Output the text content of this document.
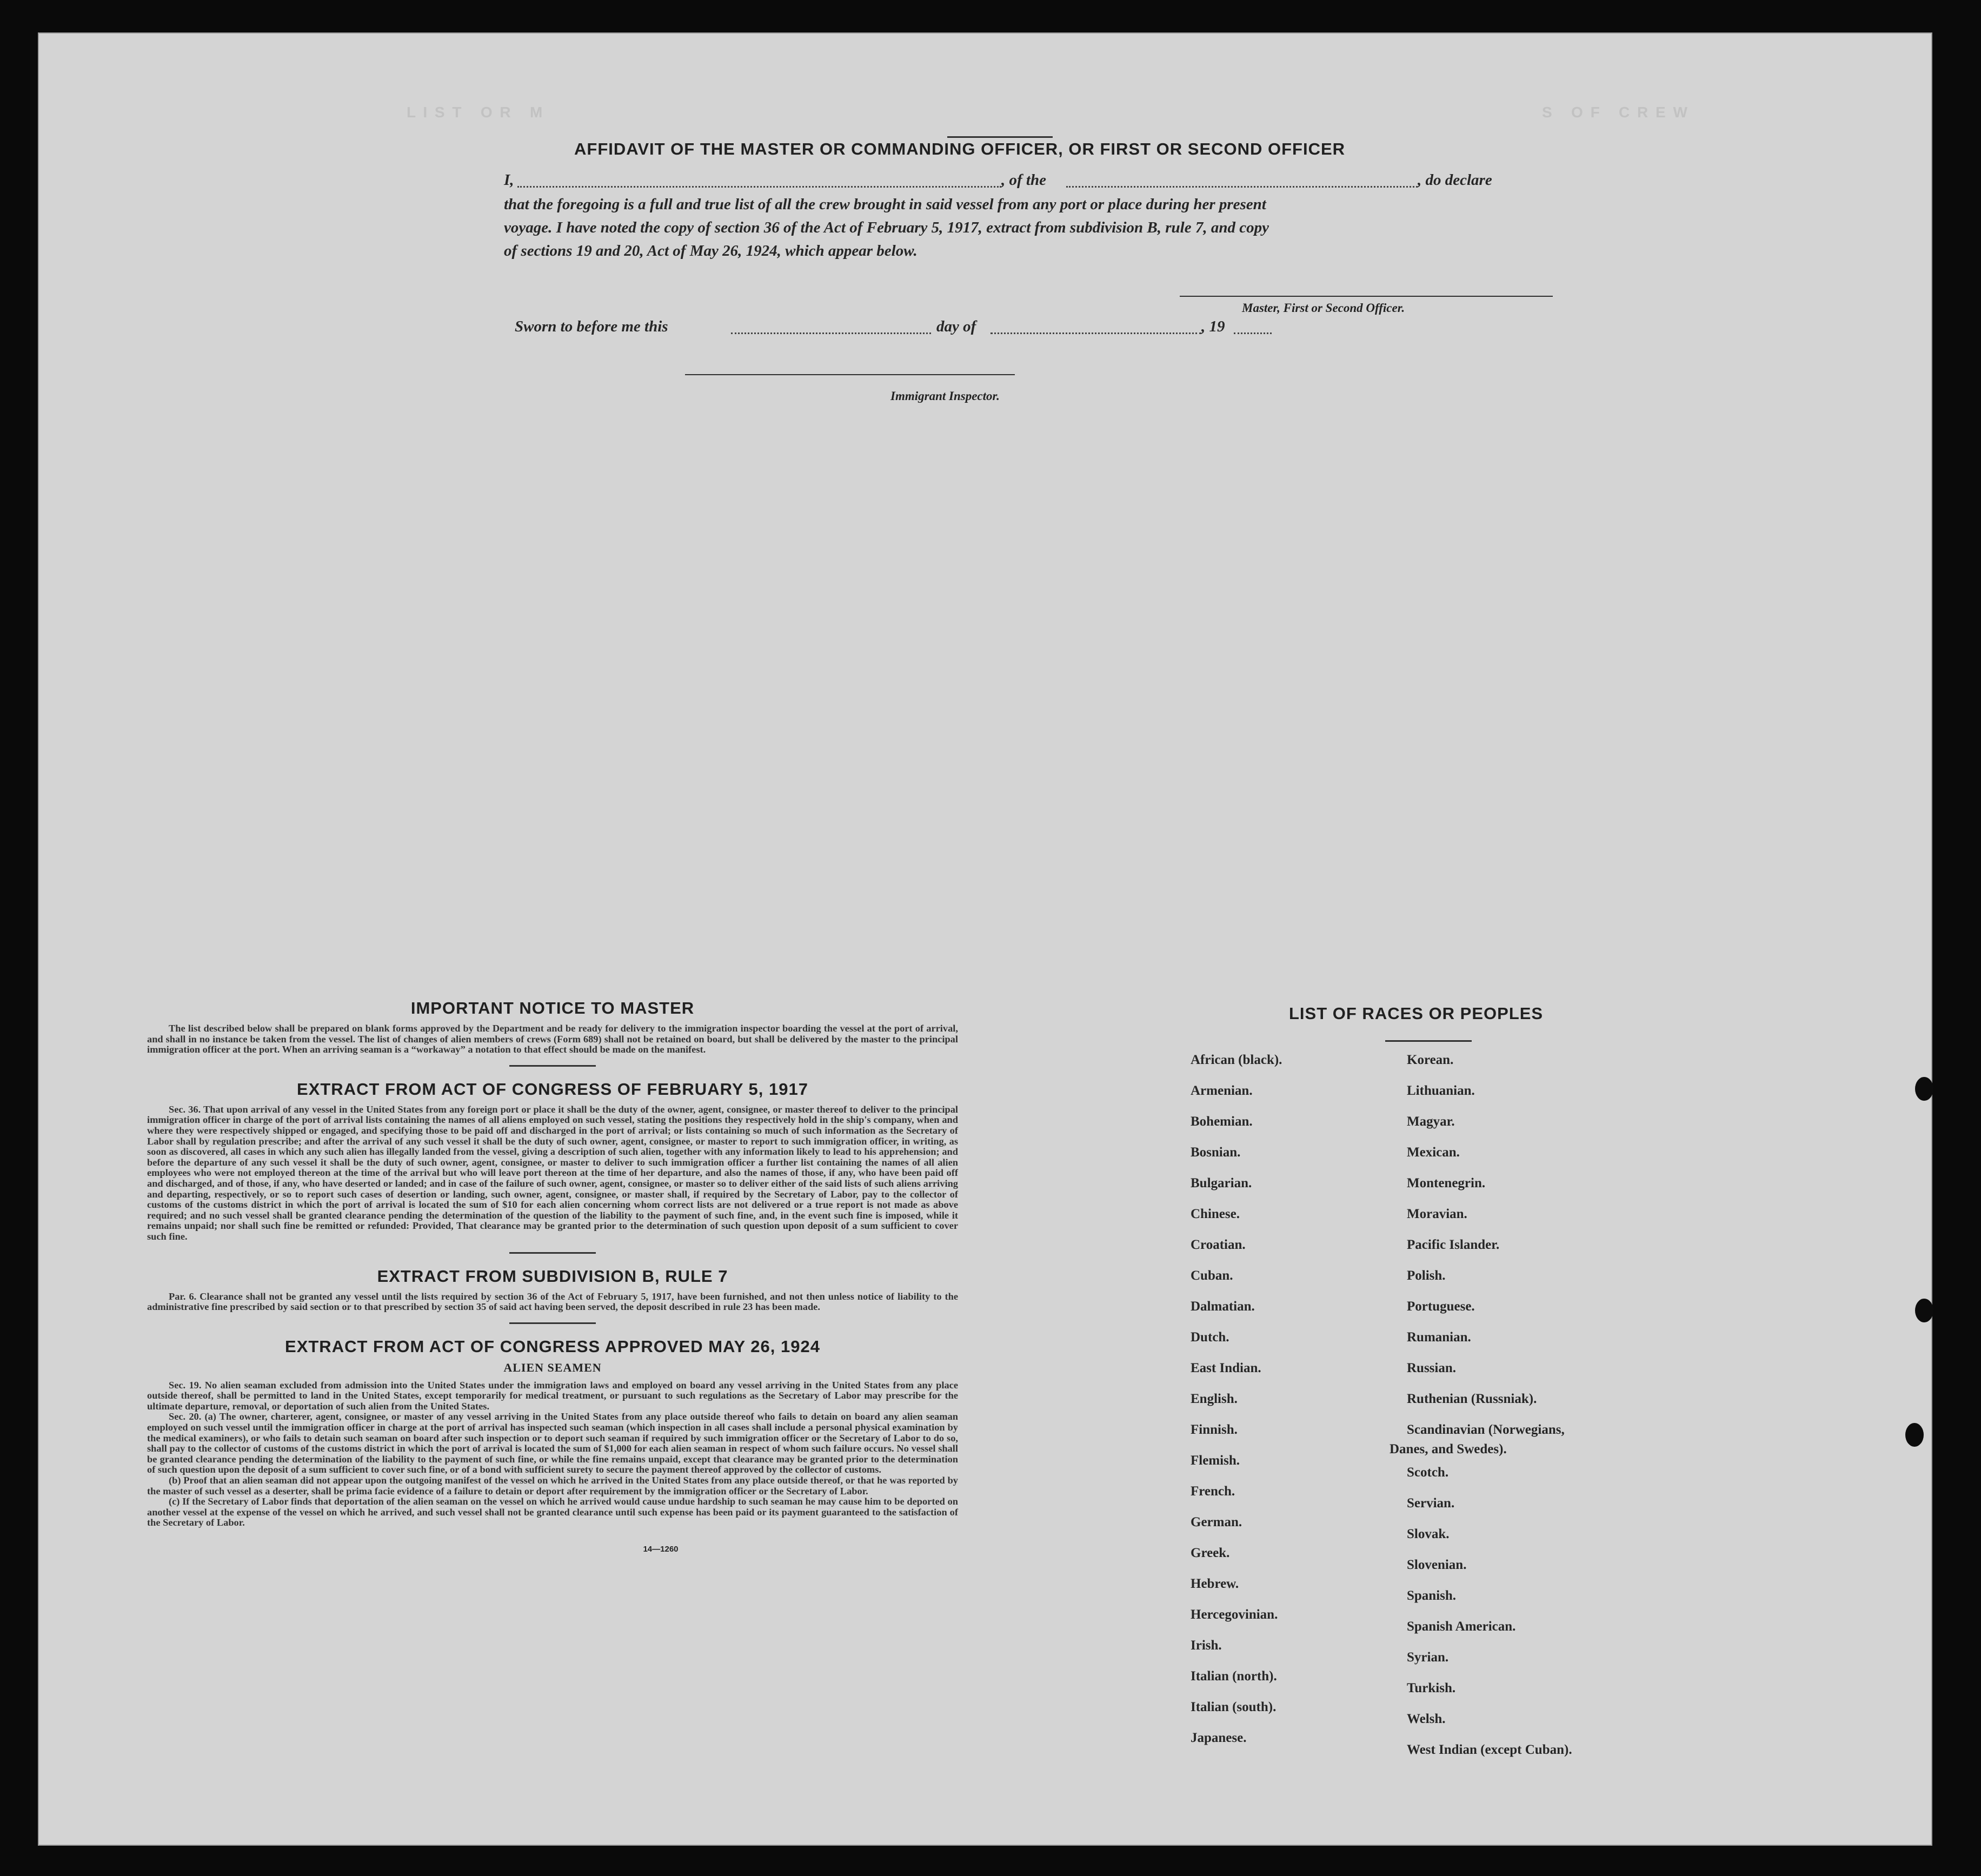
L I S T   O R   M	S   O F   C R E W
AFFIDAVIT OF THE MASTER OR COMMANDING OFFICER, OR FIRST OR SECOND OFFICER
I,	, of the	, do declare
that the foregoing is a full and true list of all the crew brought in said vessel from any port or place during her present
voyage. I have noted the copy of section 36 of the Act of February 5, 1917, extract from subdivision B, rule 7, and copy
of sections 19 and 20, Act of May 26, 1924, which appear below.
Master, First or Second Officer.
Sworn to before me this	day of	, 19
Immigrant Inspector.
IMPORTANT NOTICE TO MASTER

The list described below shall be prepared on blank forms approved by the Department and be ready for delivery to the immigration inspector boarding the vessel at the port of arrival, and shall in no instance be taken from the vessel. The list of changes of alien members of crews (Form 689) shall not be retained on board, but shall be delivered by the master to the principal immigration officer at the port. When an arriving seaman is a “workaway” a notation to that effect should be made on the manifest.

EXTRACT FROM ACT OF CONGRESS OF FEBRUARY 5, 1917

Sec. 36. That upon arrival of any vessel in the United States from any foreign port or place it shall be the duty of the owner, agent, consignee, or master thereof to deliver to the principal immigration officer in charge of the port of arrival lists containing the names of all aliens employed on such vessel, stating the positions they respectively hold in the ship's company, when and where they were respectively shipped or engaged, and specifying those to be paid off and discharged in the port of arrival; or lists containing so much of such information as the Secretary of Labor shall by regulation prescribe; and after the arrival of any such vessel it shall be the duty of such owner, agent, consignee, or master to report to such immigration officer, in writing, as soon as discovered, all cases in which any such alien has illegally landed from the vessel, giving a description of such alien, together with any information likely to lead to his apprehension; and before the departure of any such vessel it shall be the duty of such owner, agent, consignee, or master to deliver to such immigration officer a further list containing the names of all alien employees who were not employed thereon at the time of the arrival but who will leave port thereon at the time of her departure, and also the names of those, if any, who have been paid off and discharged, and of those, if any, who have deserted or landed; and in case of the failure of such owner, agent, consignee, or master so to deliver either of the said lists of such aliens arriving and departing, respectively, or so to report such cases of desertion or landing, such owner, agent, consignee, or master shall, if required by the Secretary of Labor, pay to the collector of customs of the customs district in which the port of arrival is located the sum of $10 for each alien concerning whom correct lists are not delivered or a true report is not made as above required; and no such vessel shall be granted clearance pending the determination of the question of the liability to the payment of such fine, and, in the event such fine is imposed, while it remains unpaid; nor shall such fine be remitted or refunded: Provided, That clearance may be granted prior to the determination of such question upon deposit of a sum sufficient to cover such fine.

EXTRACT FROM SUBDIVISION B, RULE 7

Par. 6. Clearance shall not be granted any vessel until the lists required by section 36 of the Act of February 5, 1917, have been furnished, and not then unless notice of liability to the administrative fine prescribed by said section or to that prescribed by section 35 of said act having been served, the deposit described in rule 23 has been made.

EXTRACT FROM ACT OF CONGRESS APPROVED MAY 26, 1924
ALIEN SEAMEN

Sec. 19. No alien seaman excluded from admission into the United States under the immigration laws and employed on board any vessel arriving in the United States from any place outside thereof, shall be permitted to land in the United States, except temporarily for medical treatment, or pursuant to such regulations as the Secretary of Labor may prescribe for the ultimate departure, removal, or deportation of such alien from the United States.

Sec. 20. (a) The owner, charterer, agent, consignee, or master of any vessel arriving in the United States from any place outside thereof who fails to detain on board any alien seaman employed on such vessel until the immigration officer in charge at the port of arrival has inspected such seaman (which inspection in all cases shall include a personal physical examination by the medical examiners), or who fails to detain such seaman on board after such inspection or to deport such seaman if required by such immigration officer or the Secretary of Labor to do so, shall pay to the collector of customs of the customs district in which the port of arrival is located the sum of $1,000 for each alien seaman in respect of whom such failure occurs. No vessel shall be granted clearance pending the determination of the liability to the payment of such fine, or while the fine remains unpaid, except that clearance may be granted prior to the determination of such question upon the deposit of a sum sufficient to cover such fine, or of a bond with sufficient surety to secure the payment thereof approved by the collector of customs.

(b) Proof that an alien seaman did not appear upon the outgoing manifest of the vessel on which he arrived in the United States from any place outside thereof, or that he was reported by the master of such vessel as a deserter, shall be prima facie evidence of a failure to detain or deport after requirement by the immigration officer or the Secretary of Labor.

(c) If the Secretary of Labor finds that deportation of the alien seaman on the vessel on which he arrived would cause undue hardship to such seaman he may cause him to be deported on another vessel at the expense of the vessel on which he arrived, and such vessel shall not be granted clearance until such expense has been paid or its payment guaranteed to the satisfaction of the Secretary of Labor.

14—1260
LIST OF RACES OR PEOPLES
Danes, and Swedes).
African (black).
Armenian.
Bohemian.
Bosnian.
Bulgarian.
Chinese.
Croatian.
Cuban.
Dalmatian.
Dutch.
East Indian.
English.
Finnish.
Flemish.
French.
German.
Greek.
Hebrew.
Hercegovinian.
Irish.
Italian (north).
Italian (south).
Japanese.
Korean.
Lithuanian.
Magyar.
Mexican.
Montenegrin.
Moravian.
Pacific Islander.
Polish.
Portuguese.
Rumanian.
Russian.
Ruthenian (Russniak).
Scandinavian (Norwegians,
Scotch.
Servian.
Slovak.
Slovenian.
Spanish.
Spanish American.
Syrian.
Turkish.
Welsh.
West Indian (except Cuban).
